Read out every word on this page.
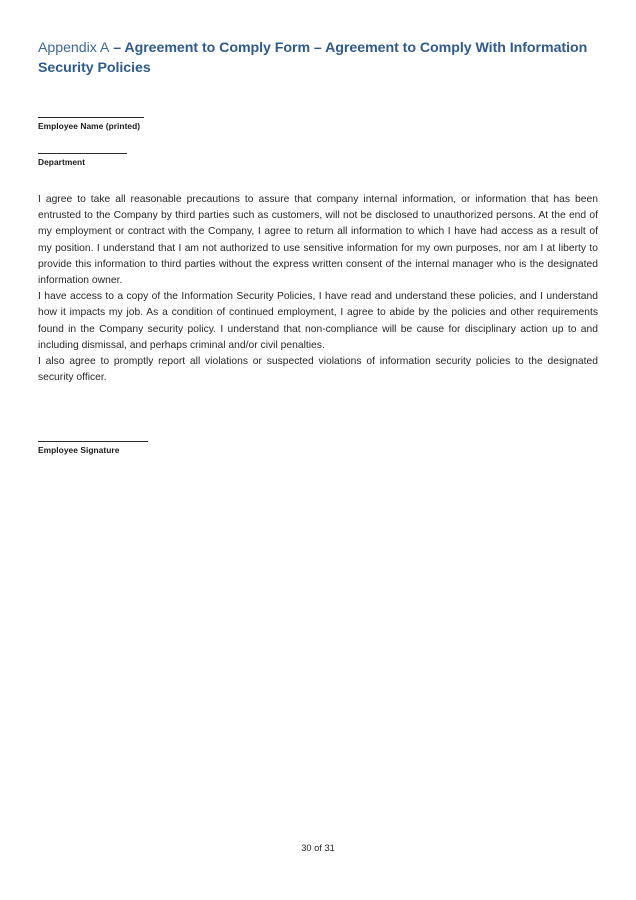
Appendix A – Agreement to Comply Form – Agreement to Comply With Information Security Policies
Employee Name (printed)
Department

I agree to take all reasonable precautions to assure that company internal information, or information that has been entrusted to the Company by third parties such as customers, will not be disclosed to unauthorized persons. At the end of my employment or contract with the Company, I agree to return all information to which I have had access as a result of my position. I understand that I am not authorized to use sensitive information for my own purposes, nor am I at liberty to provide this information to third parties without the express written consent of the internal manager who is the designated information owner.

I have access to a copy of the Information Security Policies, I have read and understand these policies, and I understand how it impacts my job. As a condition of continued employment, I agree to abide by the policies and other requirements found in the Company security policy. I understand that non-compliance will be cause for disciplinary action up to and including dismissal, and perhaps criminal and/or civil penalties.

I also agree to promptly report all violations or suspected violations of information security policies to the designated security officer.

Employee Signature
30 of 31
